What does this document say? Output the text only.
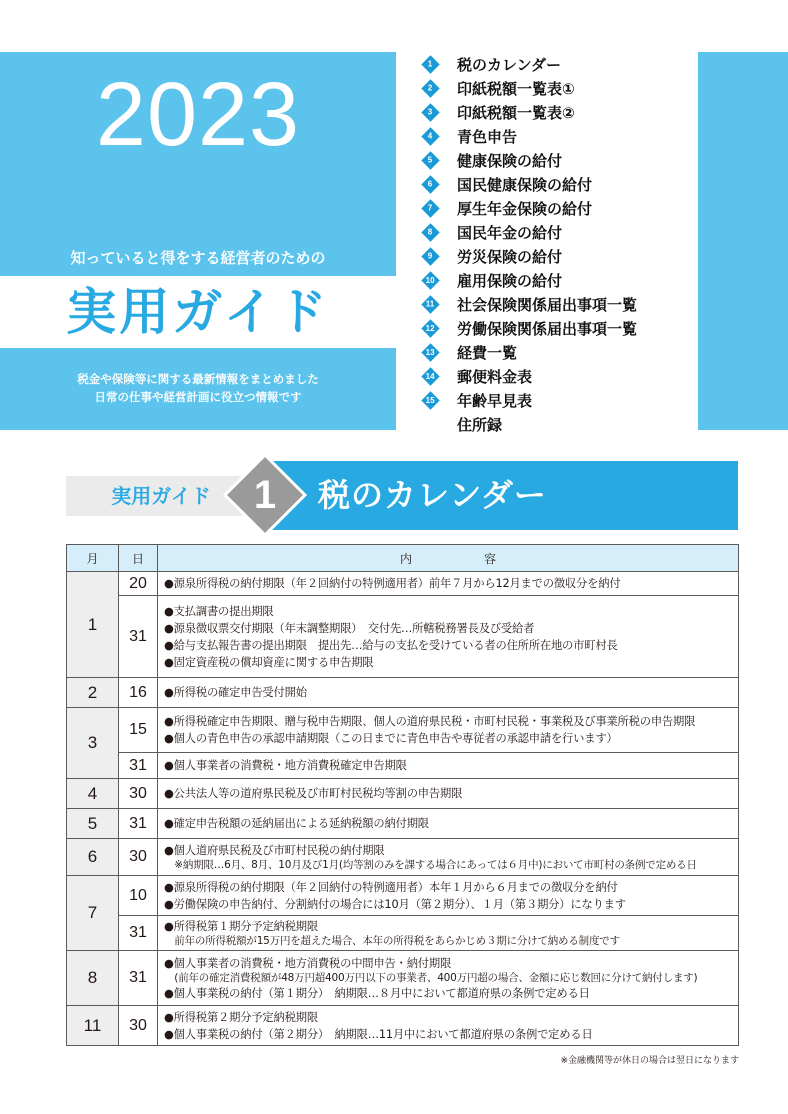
2023
知っていると得をする経営者のための
実用ガイド
税金や保険等に関する最新情報をまとめました
日常の仕事や経営計画に役立つ情報です
1 税のカレンダー
2 印紙税額一覧表①
3 印紙税額一覧表②
4 青色申告
5 健康保険の給付
6 国民健康保険の給付
7 厚生年金保険の給付
8 国民年金の給付
9 労災保険の給付
10 雇用保険の給付
11 社会保険関係届出事項一覧
12 労働保険関係届出事項一覧
13 経費一覧
14 郵便料金表
15 年齢早見表
住所録
実用ガイド	1	税のカレンダー
月	日	内　　　　　　容
1	20	●源泉所得税の納付期限（年２回納付の特例適用者）前年７月から12月までの徴収分を納付

	31	●支払調書の提出期限
●源泉徴収票交付期限（年末調整期限）　交付先…所轄税務署長及び受給者
●給与支払報告書の提出期限　提出先…給与の支払を受けている者の住所所在地の市町村長
●固定資産税の償却資産に関する申告期限

2	16	●所得税の確定申告受付開始

3	15	●所得税確定申告期限、贈与税申告期限、個人の道府県民税・市町村民税・事業税及び事業所税の申告期限
●個人の青色申告の承認申請期限（この日までに青色申告や専従者の承認申請を行います）

	31	●個人事業者の消費税・地方消費税確定申告期限

4	30	●公共法人等の道府県民税及び市町村民税均等割の申告期限

5	31	●確定申告税額の延納届出による延納税額の納付期限

6	30	●個人道府県民税及び市町村民税の納付期限
　※納期限…6月、8月、10月及び1月(均等割のみを課する場合にあっては６月中)において市町村の条例で定める日

7	10	●源泉所得税の納付期限（年２回納付の特例適用者）本年１月から６月までの徴収分を納付
●労働保険の申告納付、分割納付の場合には10月（第２期分）、１月（第３期分）になります

	31	●所得税第１期分予定納税期限
　前年の所得税額が15万円を超えた場合、本年の所得税をあらかじめ３期に分けて納める制度です

8	31	●個人事業者の消費税・地方消費税の中間申告・納付期限
　(前年の確定消費税額が48万円超400万円以下の事業者、400万円超の場合、金額に応じ数回に分けて納付します)
●個人事業税の納付（第１期分）　納期限…８月中において都道府県の条例で定める日

11	30	●所得税第２期分予定納税期限
●個人事業税の納付（第２期分）　納期限…11月中において都道府県の条例で定める日
※金融機関等が休日の場合は翌日になります
